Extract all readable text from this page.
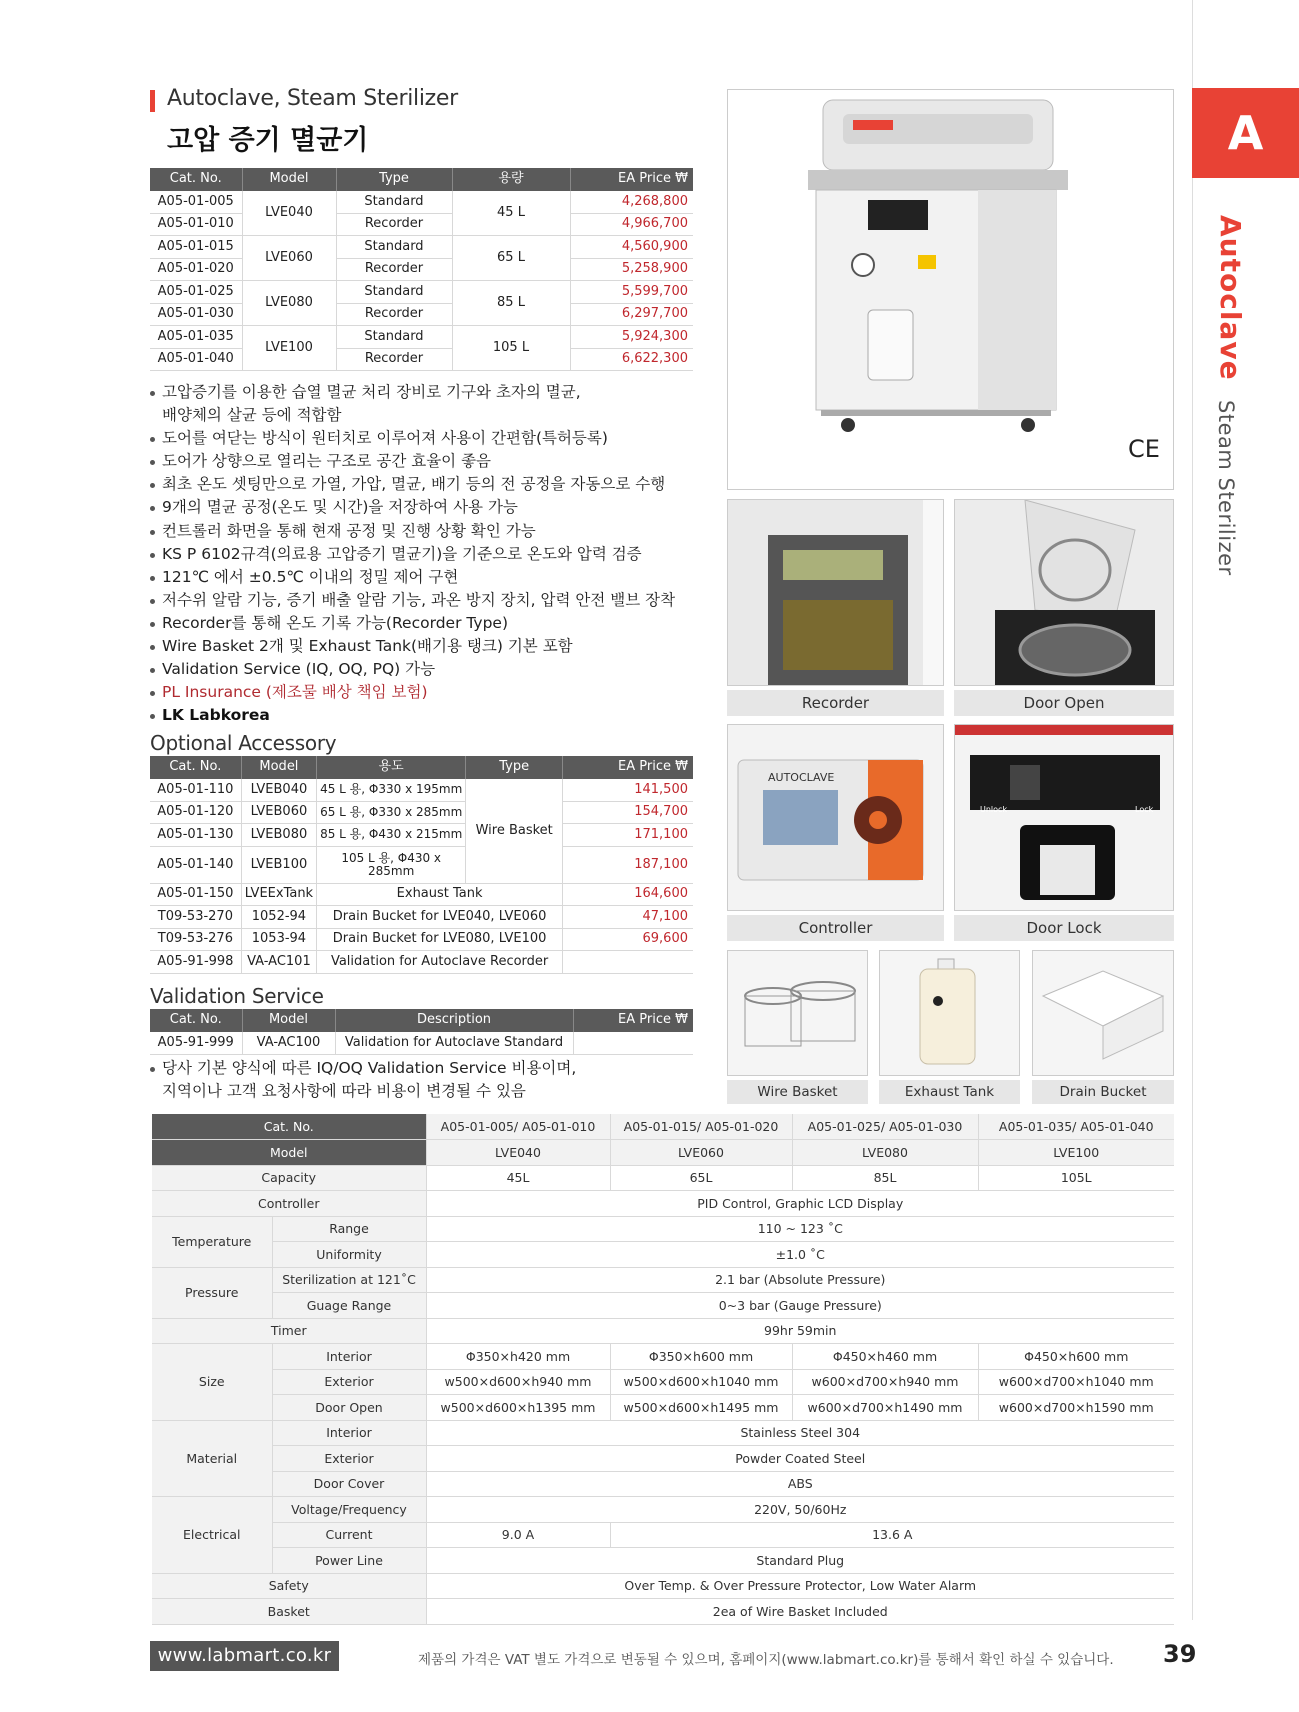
Autoclave, Steam Sterilizer
고압 증기 멸균기	A
Autoclave
Steam Sterilizer
Cat. No.	Model	Type	용량	EA Price ₩
A05-01-005	LVE040	Standard	45 L	4,268,800
A05-01-010		Recorder		4,966,700
A05-01-015	LVE060	Standard	65 L	4,560,900
A05-01-020		Recorder		5,258,900
A05-01-025	LVE080	Standard	85 L	5,599,700
A05-01-030		Recorder		6,297,700
A05-01-035	LVE100	Standard	105 L	5,924,300
A05-01-040		Recorder		6,622,300
고압증기를 이용한 습열 멸균 처리 장비로 기구와 초자의 멸균,
배양체의 살균 등에 적합함
도어를 여닫는 방식이 원터치로 이루어져 사용이 간편함(특허등록)
도어가 상향으로 열리는 구조로 공간 효율이 좋음
최초 온도 셋팅만으로 가열, 가압, 멸균, 배기 등의 전 공정을 자동으로 수행
9개의 멸균 공정(온도 및 시간)을 저장하여 사용 가능
컨트롤러 화면을 통해 현재 공정 및 진행 상황 확인 가능
KS P 6102규격(의료용 고압증기 멸균기)을 기준으로 온도와 압력 검증
121℃ 에서 ±0.5℃ 이내의 정밀 제어 구현
저수위 알람 기능, 증기 배출 알람 기능, 과온 방지 장치, 압력 안전 밸브 장착
Recorder를 통해 온도 기록 가능(Recorder Type)
Wire Basket 2개 및 Exhaust Tank(배기용 탱크) 기본 포함
Validation Service (IQ, OQ, PQ) 가능
PL Insurance (제조물 배상 책임 보험)
LK Labkorea
Optional Accessory
Cat. No.	Model	용도	Type	EA Price ₩
A05-01-110	LVEB040	45 L 용, Φ330 x 195mm	Wire Basket	141,500
A05-01-120	LVEB060	65 L 용, Φ330 x 285mm		154,700
A05-01-130	LVEB080	85 L 용, Φ430 x 215mm		171,100
A05-01-140	LVEB100	105 L 용, Φ430 x 285mm		187,100
A05-01-150	LVEExTank	Exhaust Tank		164,600
T09-53-270	1052-94	Drain Bucket for LVE040, LVE060		47,100
T09-53-276	1053-94	Drain Bucket for LVE080, LVE100		69,600
A05-91-998	VA-AC101	Validation for Autoclave Recorder		
Validation Service
Cat. No.	Model	Description	EA Price ₩
A05-91-999	VA-AC100	Validation for Autoclave Standard	
당사 기본 양식에 따른 IQ/OQ Validation Service 비용이며,
지역이나 고객 요청사항에 따라 비용이 변경될 수 있음
CE
Recorder	Door Open
AUTOCLAVE
Controller
Unlock	Lock
Door Lock
Wire Basket	Exhaust Tank	Drain Bucket
Cat. No.		A05-01-005/ A05-01-010	A05-01-015/ A05-01-020	A05-01-025/ A05-01-030	A05-01-035/ A05-01-040
Model		LVE040	LVE060	LVE080	LVE100
Capacity		45L	65L	85L	105L
Controller		PID Control, Graphic LCD Display			
Temperature	Range	110 ~ 123 ˚C			
	Uniformity	±1.0 ˚C			
Pressure	Sterilization at 121˚C	2.1 bar (Absolute Pressure)			
	Guage Range	0~3 bar (Gauge Pressure)			
Timer		99hr 59min			
Size	Interior	Φ350×h420 mm	Φ350×h600 mm	Φ450×h460 mm	Φ450×h600 mm
	Exterior	w500×d600×h940 mm	w500×d600×h1040 mm	w600×d700×h940 mm	w600×d700×h1040 mm
	Door Open	w500×d600×h1395 mm	w500×d600×h1495 mm	w600×d700×h1490 mm	w600×d700×h1590 mm
Material	Interior	Stainless Steel 304			
	Exterior	Powder Coated Steel			
	Door Cover	ABS			
Electrical	Voltage/Frequency	220V, 50/60Hz			
	Current	9.0 A	13.6 A		
	Power Line	Standard Plug			
Safety		Over Temp. & Over Pressure Protector, Low Water Alarm			
Basket		2ea of Wire Basket Included			
www.labmart.co.kr	제품의 가격은 VAT 별도 가격으로 변동될 수 있으며, 홈페이지(www.labmart.co.kr)를 통해서 확인 하실 수 있습니다. 39
